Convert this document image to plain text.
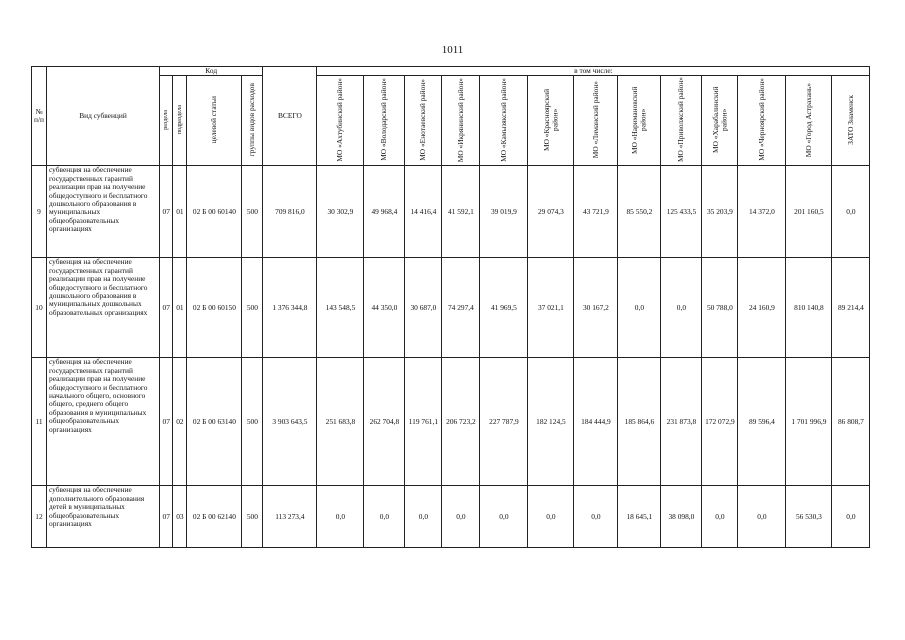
1011
№ п/п	Вид субвенций	Код				ВСЕГО	в том числе:												
		раздела	подраздела	целевой статьи	группы видов расходов		МО «Ахтубинский район»	МО «Володарский район»	МО «Енотаевский район»	МО «Икрянинский район»	МО «Камызякский район»	МО «Красноярский район»	МО «Лиманский район»	МО «Наримановский район»	МО «Приволжский район»	МО «Харабалинский район»	МО «Черноярский район»	МО «Город Астрахань»	ЗАТО Знаменск
9	субвенция на обеспечение государственных гарантий реализации прав на получение общедоступного и бесплатного дошкольного образования в муниципальных общеобразовательных организациях	07	01	02 Б 00 60140	500	709 816,0	30 302,9	49 968,4	14 416,4	41 592,1	39 019,9	29 074,3	43 721,9	85 550,2	125 433,5	35 203,9	14 372,0	201 160,5	0,0
10	субвенция на обеспечение государственных гарантий реализации прав на получение общедоступного и бесплатного дошкольного образования в муниципальных дошкольных образовательных организациях	07	01	02 Б 00 60150	500	1 376 344,8	143 548,5	44 350,0	30 687,0	74 297,4	41 969,5	37 021,1	30 167,2	0,0	0,0	50 788,0	24 160,9	810 140,8	89 214,4
11	субвенция на обеспечение государственных гарантий реализации прав на получение общедоступного и бесплатного начального общего, основного общего, среднего общего образования в муниципальных общеобразовательных организациях	07	02	02 Б 00 63140	500	3 903 643,5	251 683,8	262 704,8	119 761,1	206 723,2	227 787,9	182 124,5	184 444,9	185 864,6	231 873,8	172 072,9	89 596,4	1 701 996,9	86 808,7
12	субвенция на обеспечение дополнительного образования детей в муниципальных общеобразовательных организациях	07	03	02 Б 00 62140	500	113 273,4	0,0	0,0	0,0	0,0	0,0	0,0	0,0	18 645,1	38 098,0	0,0	0,0	56 530,3	0,0
